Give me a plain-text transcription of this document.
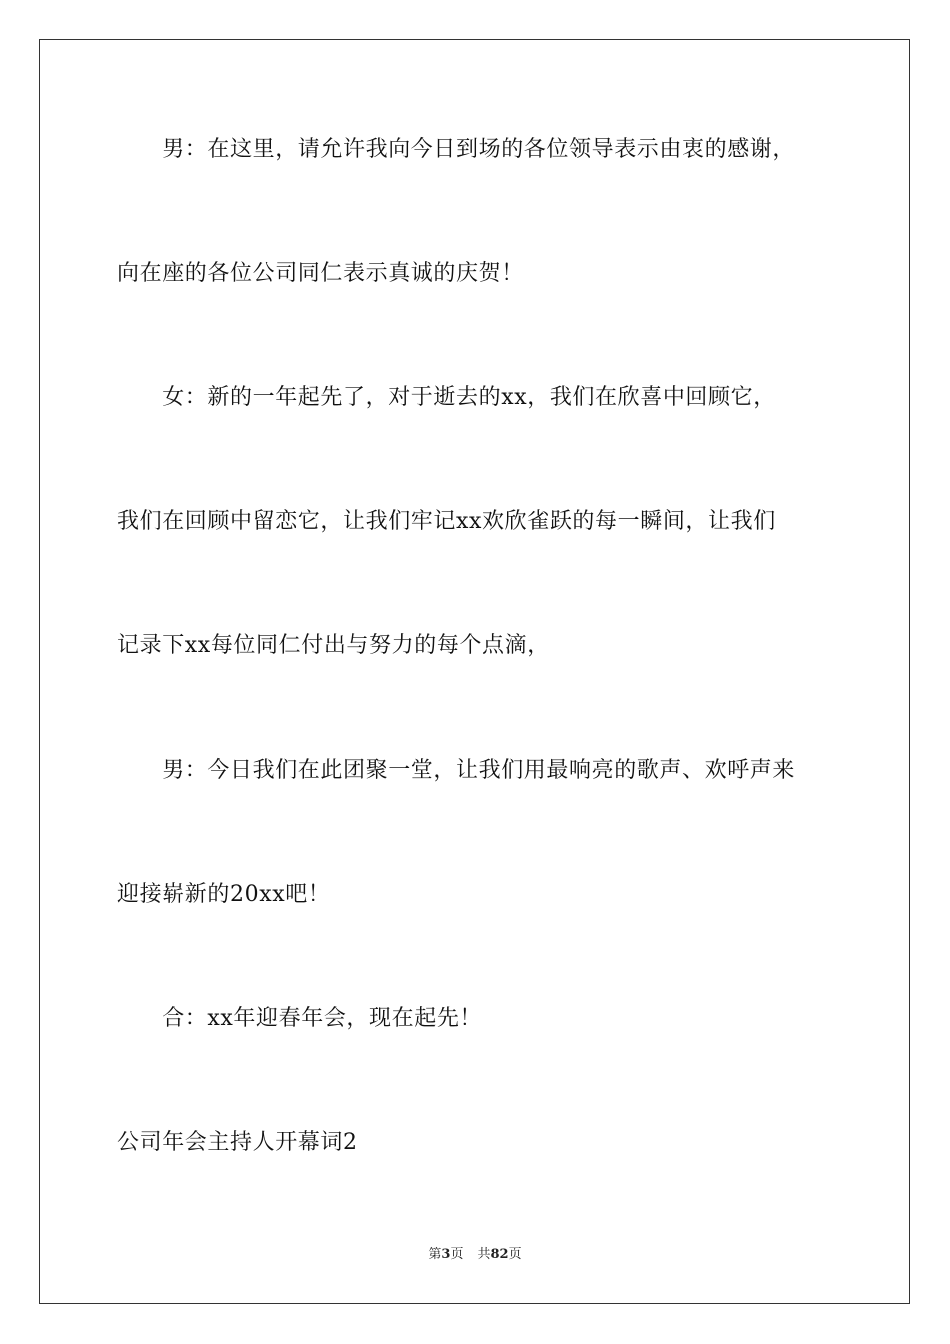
　　男：在这里，请允许我向今日到场的各位领导表示由衷的感谢，
向在座的各位公司同仁表示真诚的庆贺！
　　女：新的一年起先了，对于逝去的xx，我们在欣喜中回顾它，
我们在回顾中留恋它，让我们牢记xx欢欣雀跃的每一瞬间，让我们
记录下xx每位同仁付出与努力的每个点滴，
　　男：今日我们在此团聚一堂，让我们用最响亮的歌声、欢呼声来
迎接崭新的20xx吧！
　　合：xx年迎春年会，现在起先！
公司年会主持人开幕词2
第3页 共82页
